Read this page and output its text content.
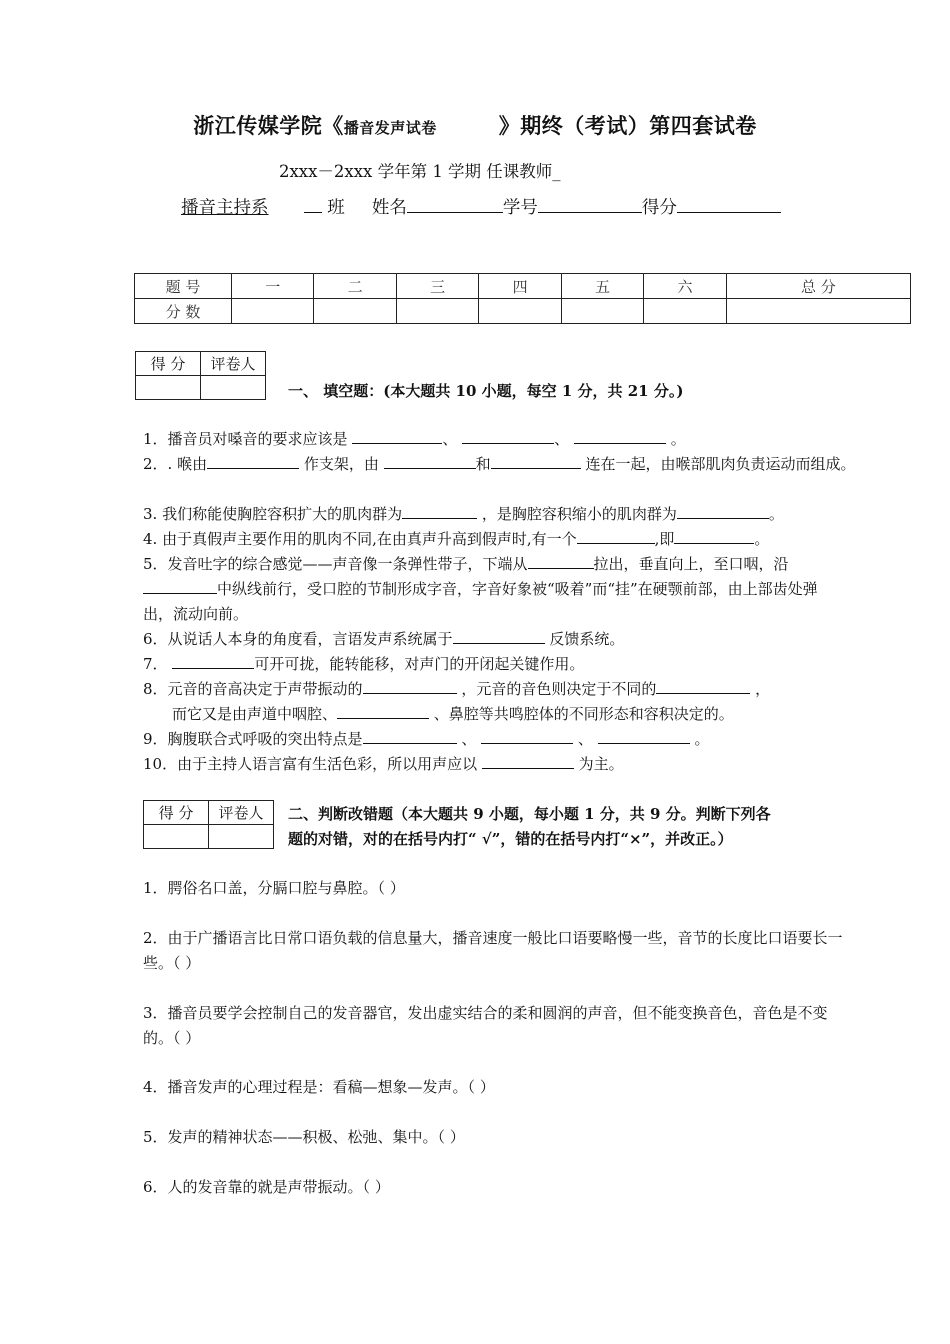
浙江传媒学院《播音发声试卷	》期终（考试）第四套试卷
2xxx－2xxx 学年第 1 学期 任课教师_
播音主持系	班 姓名	学号	得分
题 号	一	二	三	四	五	六	总 分
分 数							
得 分	评卷人

一、 填空题：(本大题共 10 小题，每空 1 分，共 21 分。)
1．播音员对嗓音的要求应该是	、	、	。
2．. 喉由	作支架，由	和	连在一起，由喉部肌肉负责运动而组成。
3. 我们称能使胸腔容积扩大的肌肉群为	，是胸腔容积缩小的肌肉群为	。
4. 由于真假声主要作用的肌肉不同,在由真声升高到假声时,有一个	,即	。
5．发音吐字的综合感觉——声音像一条弹性带子，下端从	拉出，垂直向上，至口咽，沿
中纵线前行，受口腔的节制形成字音，字音好象被“吸着”而“挂”在硬颚前部，由上部齿处弹出，流动向前。
6．从说话人本身的角度看，言语发声系统属于	反馈系统。
7．	可开可拢，能转能移，对声门的开闭起关键作用。
8．元音的音高决定于声带振动的	，元音的音色则决定于不同的	，
而它又是由声道中咽腔、	、鼻腔等共鸣腔体的不同形态和容积决定的。
9．胸腹联合式呼吸的突出特点是	、	、	。
10．由于主持人语言富有生活色彩，所以用声应以	为主。
得 分	评卷人
	二、判断改错题（本大题共 9 小题，每小题 1 分，共 9 分。判断下列各
题的对错，对的在括号内打“ √”，错的在括号内打“×”，并改正。）
1．腭俗名口盖，分膈口腔与鼻腔。（ ）
2．由于广播语言比日常口语负载的信息量大，播音速度一般比口语要略慢一些，音节的长度比口语要长一些。（ ）
3．播音员要学会控制自己的发音器官，发出虚实结合的柔和圆润的声音，但不能变换音色，音色是不变的。（ ）
4．播音发声的心理过程是：看稿—想象—发声。（ ）
5．发声的精神状态——积极、松弛、集中。（ ）
6．人的发音靠的就是声带振动。（ ）
